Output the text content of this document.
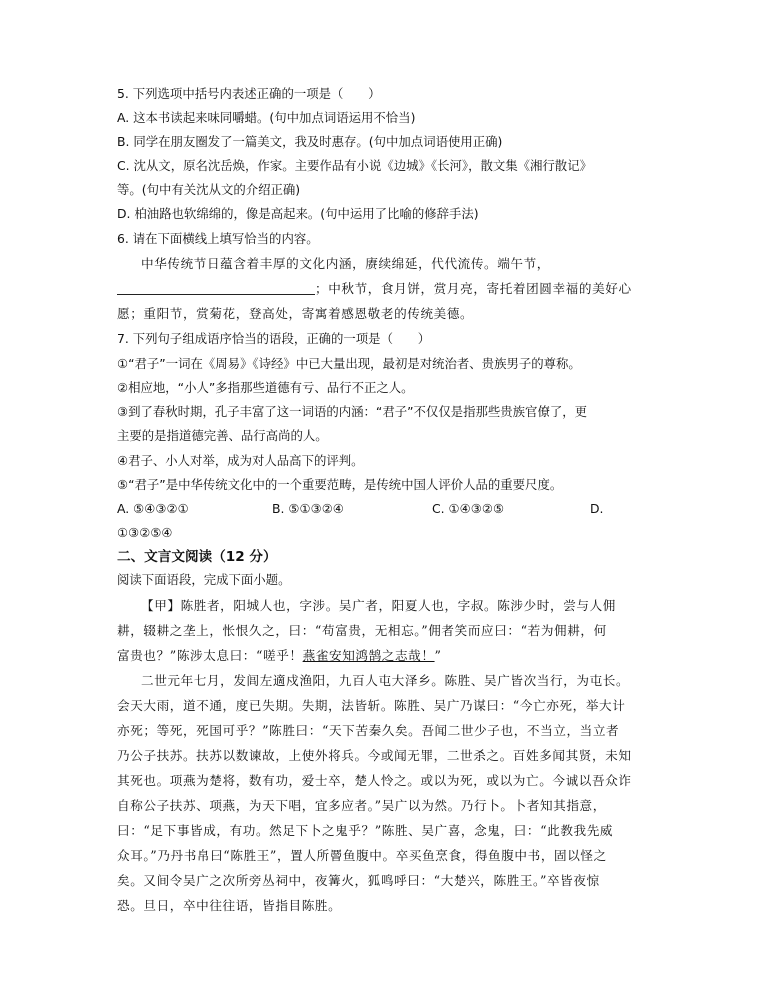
5. 下列选项中括号内表述正确的一项是（　　）
A. 这本书读起来味同嚼蜡。(句中加点词语运用不恰当)
B. 同学在朋友圈发了一篇美文，我及时惠存。(句中加点词语使用正确)
C. 沈从文，原名沈岳焕，作家。主要作品有小说《边城》《长河》，散文集《湘行散记》
等。(句中有关沈从文的介绍正确)
D. 柏油路也软绵绵的，像是高起来。(句中运用了比喻的修辞手法)
6. 请在下面横线上填写恰当的内容。
中华传统节日蕴含着丰厚的文化内涵，赓续绵延，代代流传。端午节，
；中秋节，食月饼，赏月亮，寄托着团圆幸福的美好心
愿；重阳节，赏菊花，登高处，寄寓着感恩敬老的传统美德。
7. 下列句子组成语序恰当的语段，正确的一项是（　　）
①“君子”一词在《周易》《诗经》中已大量出现，最初是对统治者、贵族男子的尊称。
②相应地，“小人”多指那些道德有亏、品行不正之人。
③到了春秋时期，孔子丰富了这一词语的内涵：“君子”不仅仅是指那些贵族官僚了，更
主要的是指道德完善、品行高尚的人。
④君子、小人对举，成为对人品高下的评判。
⑤“君子”是中华传统文化中的一个重要范畴，是传统中国人评价人品的重要尺度。
A. ⑤④③②①	B. ⑤①③②④	C. ①④③②⑤	D.
①③②⑤④
二、文言文阅读（12 分）
阅读下面语段，完成下面小题。
【甲】陈胜者，阳城人也，字涉。吴广者，阳夏人也，字叔。陈涉少时，尝与人佣
耕，辍耕之垄上，怅恨久之，曰：“苟富贵，无相忘。”佣者笑而应曰：“若为佣耕，何
富贵也？”陈涉太息曰：“嗟乎！燕雀安知鸿鹄之志哉！”
二世元年七月，发闾左適戍渔阳，九百人屯大泽乡。陈胜、吴广皆次当行，为屯长。
会天大雨，道不通，度已失期。失期，法皆斩。陈胜、吴广乃谋曰：“今亡亦死，举大计
亦死；等死，死国可乎？”陈胜曰：“天下苦秦久矣。吾闻二世少子也，不当立，当立者
乃公子扶苏。扶苏以数谏故，上使外将兵。今或闻无罪，二世杀之。百姓多闻其贤，未知
其死也。项燕为楚将，数有功，爱士卒，楚人怜之。或以为死，或以为亡。今诚以吾众诈
自称公子扶苏、项燕，为天下唱，宜多应者。”吴广以为然。乃行卜。卜者知其指意，
曰：“足下事皆成，有功。然足下卜之鬼乎？”陈胜、吴广喜，念鬼，曰：“此教我先威
众耳。”乃丹书帛曰“陈胜王”，置人所罾鱼腹中。卒买鱼烹食，得鱼腹中书，固以怪之
矣。又间令吴广之次所旁丛祠中，夜篝火，狐鸣呼曰：“大楚兴，陈胜王。”卒皆夜惊
恐。旦日，卒中往往语，皆指目陈胜。
